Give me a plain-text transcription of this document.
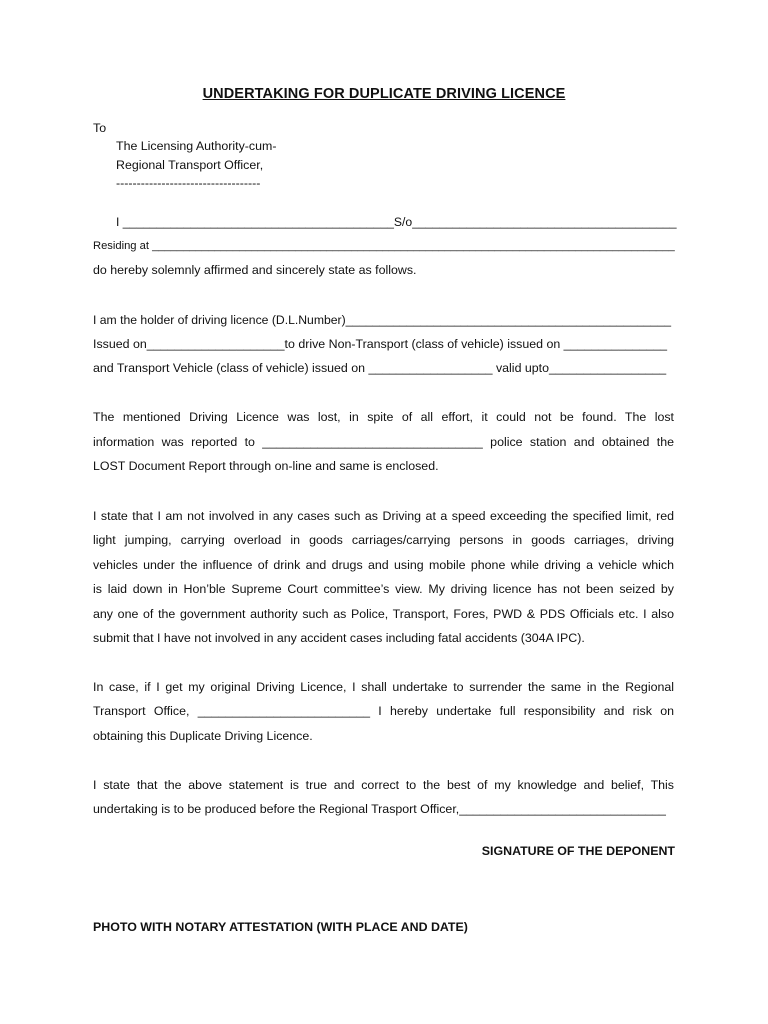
UNDERTAKING FOR DUPLICATE DRIVING LICENCE
To
The Licensing Authority-cum-
Regional Transport Officer,
-----------------------------------
I ________________________________________S/o_______________________________________
Residing at ____________________________________________________________________________________
do hereby solemnly affirmed and sincerely state as follows.
I am the holder of driving licence (D.L.Number)________________________________________________
Issued on____________________to drive Non-Transport (class of vehicle) issued on _______________
and Transport Vehicle (class of vehicle) issued on __________________ valid upto_________________
The mentioned Driving Licence was lost, in spite of all effort, it could not be found. The lost
information was reported to ________________________________ police station and obtained the
LOST Document Report through on-line and same is enclosed.
I state that I am not involved in any cases such as Driving at a speed exceeding the specified limit, red
light jumping, carrying overload in goods carriages/carrying persons in goods carriages, driving
vehicles under the influence of drink and drugs and using mobile phone while driving a vehicle which
is laid down in Hon’ble Supreme Court committee’s view. My driving licence has not been seized by
any one of the government authority such as Police, Transport, Fores, PWD & PDS Officials etc. I also
submit that I have not involved in any accident cases including fatal accidents (304A IPC).
In case, if I get my original Driving Licence, I shall undertake to surrender the same in the Regional
Transport Office, _________________________ I hereby undertake full responsibility and risk on
obtaining this Duplicate Driving Licence.
I state that the above statement is true and correct to the best of my knowledge and belief, This
undertaking is to be produced before the Regional Trasport Officer,______________________________
SIGNATURE OF THE DEPONENT
PHOTO WITH NOTARY ATTESTATION (WITH PLACE AND DATE)
